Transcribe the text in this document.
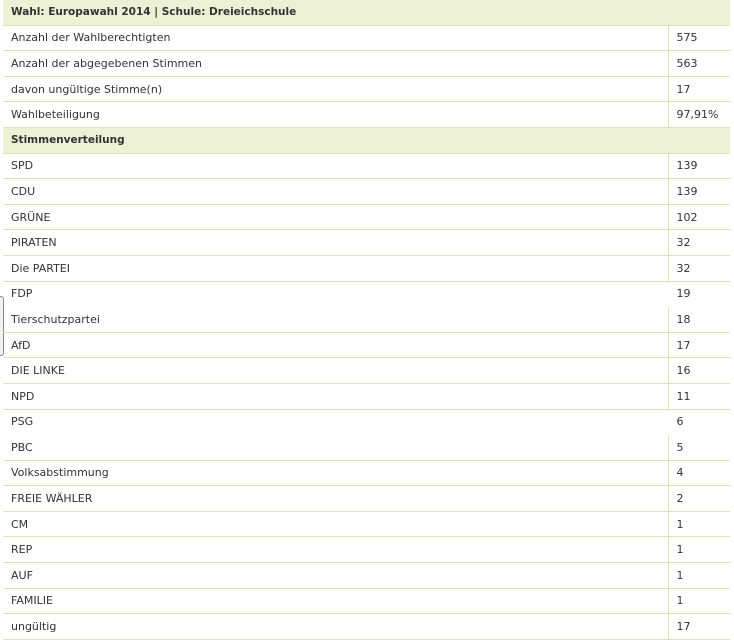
Wahl: Europawahl 2014 | Schule: Dreieichschule	
Anzahl der Wahlberechtigten	575
Anzahl der abgegebenen Stimmen	563
davon ungültige Stimme(n)	17
Wahlbeteiligung	97,91%
Stimmenverteilung	
SPD	139
CDU	139
GRÜNE	102
PIRATEN	32
Die PARTEI	32
FDP	19
Tierschutzpartei	18
AfD	17
DIE LINKE	16
NPD	11
PSG	6
PBC	5
Volksabstimmung	4
FREIE WÄHLER	2
CM	1
REP	1
AUF	1
FAMILIE	1
ungültig	17
